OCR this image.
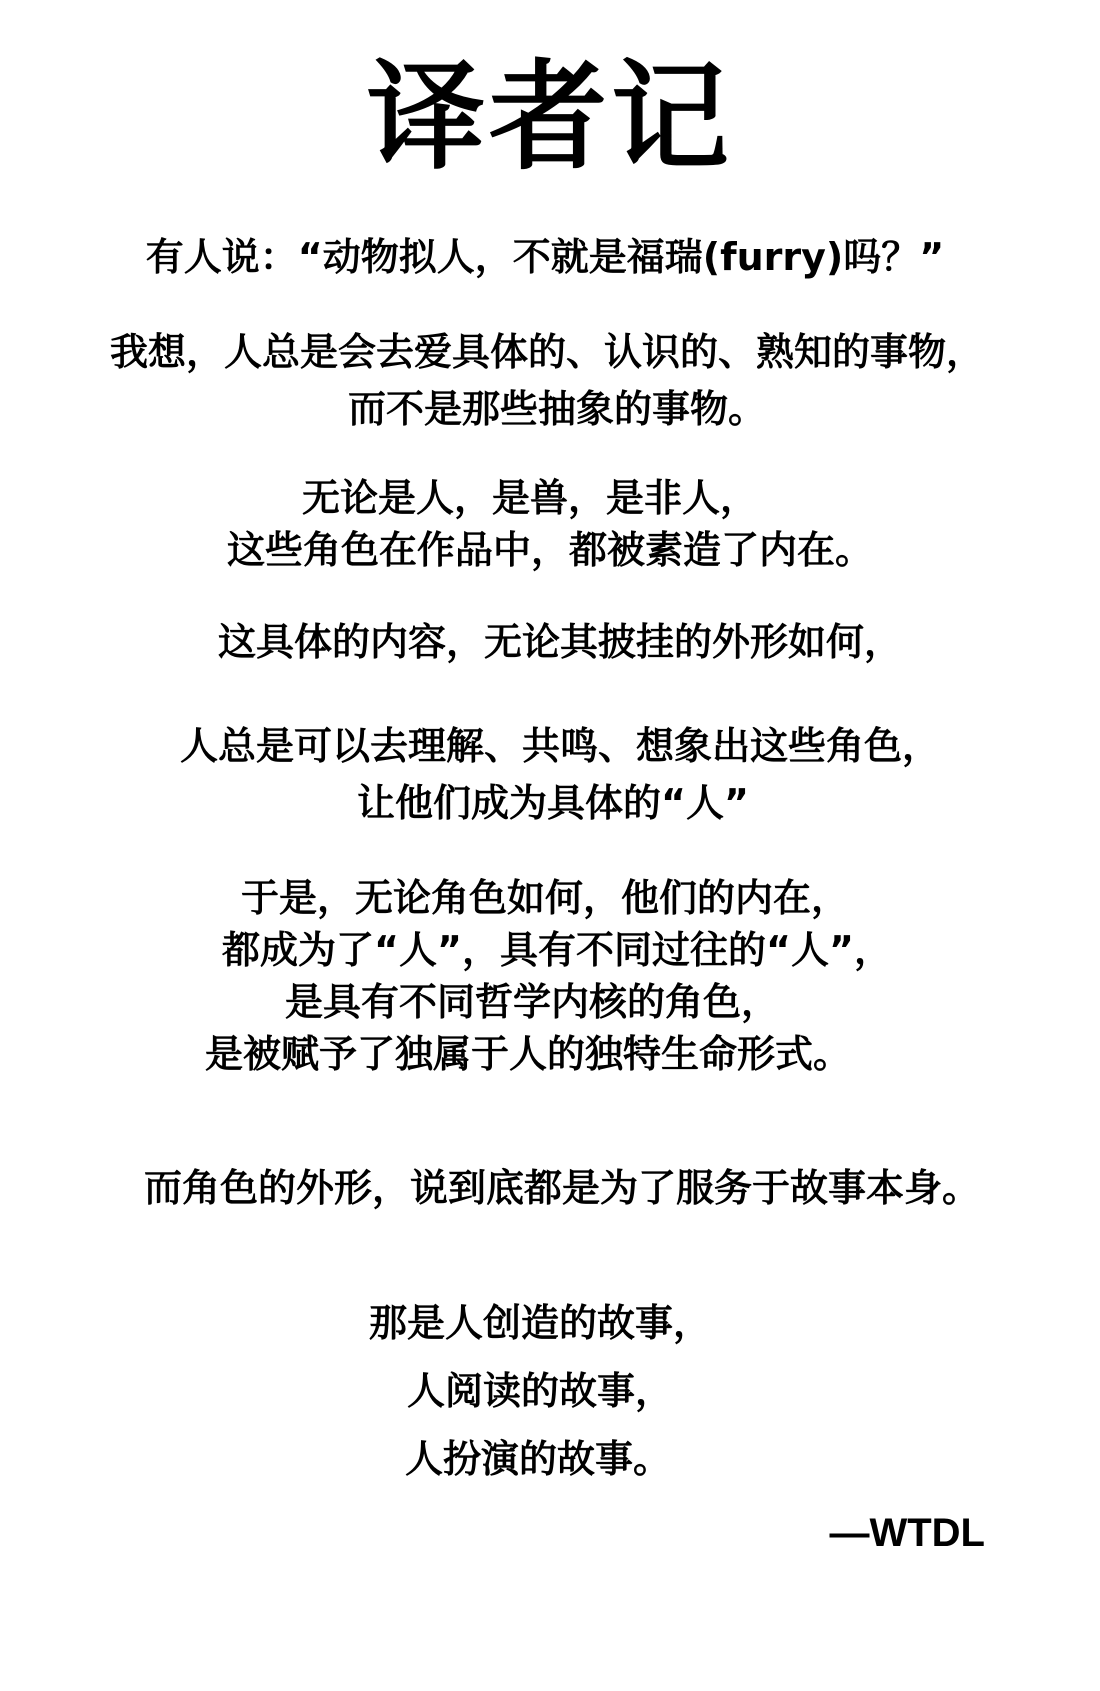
译者记
有人说：“动物拟人，不就是福瑞(furry)吗？”
我想，人总是会去爱具体的、认识的、熟知的事物，
而不是那些抽象的事物。
无论是人，是兽，是非人，
这些角色在作品中，都被素造了内在。
这具体的内容，无论其披挂的外形如何，
人总是可以去理解、共鸣、想象出这些角色，
让他们成为具体的“人”
于是，无论角色如何，他们的内在，
都成为了“人”，具有不同过往的“人”，
是具有不同哲学内核的角色，
是被赋予了独属于人的独特生命形式。
而角色的外形，说到底都是为了服务于故事本身。
那是人创造的故事，
人阅读的故事，
人扮演的故事。
—WTDL
